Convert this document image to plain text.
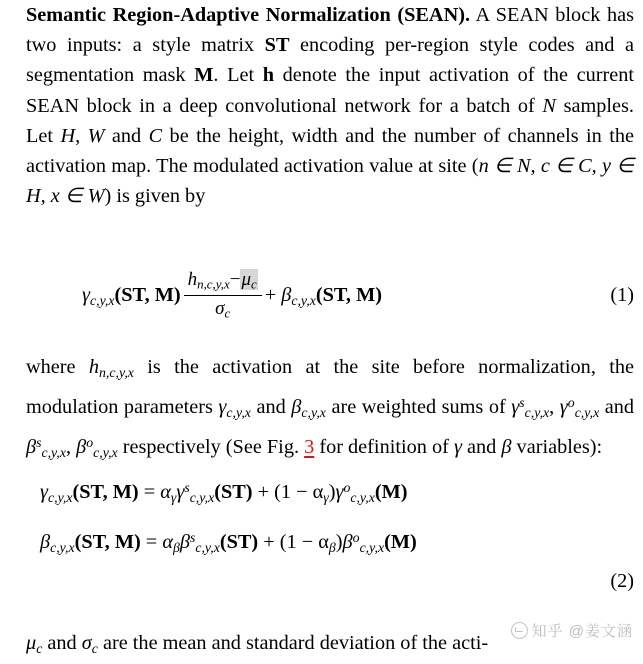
Semantic Region-Adaptive Normalization (SEAN). A SEAN block has two inputs: a style matrix ST encoding per-region style codes and a segmentation mask M. Let h denote the input activation of the current SEAN block in a deep convolutional network for a batch of N samples. Let H, W and C be the height, width and the number of channels in the activation map. The modulated activation value at site (n ∈ N, c ∈ C, y ∈ H, x ∈ W) is given by

$\gamma_{c,y,x}(ST$, $M) \frac{h_{n,c,y,x}-\mu_c}{\sigma_c} + \beta_{c,y,x}(ST$, M)	(1)

where $h_{n,c,y,x}$ is the activation at the site before normalization, the modulation parameters $\gamma_{c,y,x}$ and $\beta_{c,y,x}$ are weighted sums of $\gamma^s_{c,y,x}$, $\gamma^o_{c,y,x}$ and $\beta^s_{c,y,x}$, $\beta^o_{c,y,x}$ respectively (See Fig. 3 for definition of γ and β variables):

$\gamma_{c,y,x}(ST$, $M) = \alpha_\gamma\gamma^s_{c,y,x}(ST) + (1 - \alpha_\gamma)\gamma^o_{c,y,x}(M)$
$\beta_{c,y,x}(ST$, $M) = \alpha_\beta\beta^s_{c,y,x}(ST) + (1 - \alpha_\beta)\beta^o_{c,y,x}(M)$
(2)

$\mu_c$ and $\sigma_c$ are the mean and standard deviation of the acti-

知乎 @姜文涵
